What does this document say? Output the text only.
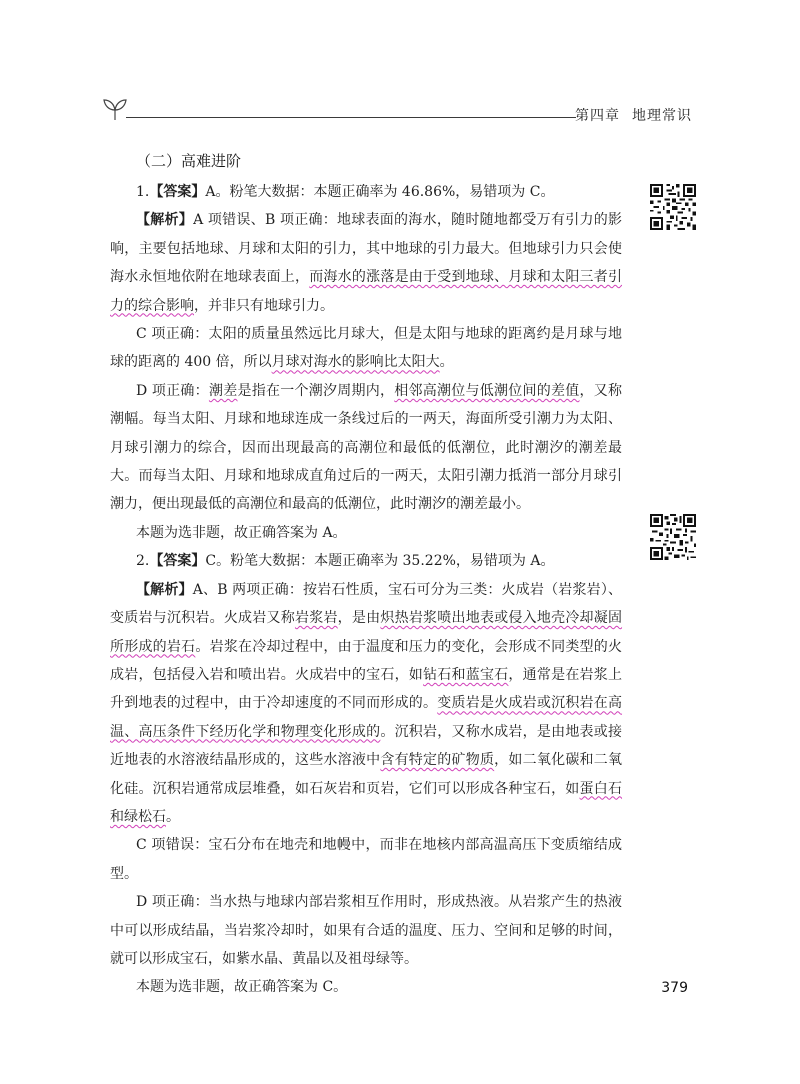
第四章 地理常识
（二）高难进阶

1.【答案】A。粉笔大数据：本题正确率为 46.86%，易错项为 C。

【解析】A 项错误、B 项正确：地球表面的海水，随时随地都受万有引力的影响，主要包括地球、月球和太阳的引力，其中地球的引力最大。但地球引力只会使海水永恒地依附在地球表面上，而海水的涨落是由于受到地球、月球和太阳三者引力的综合影响，并非只有地球引力。

C 项正确：太阳的质量虽然远比月球大，但是太阳与地球的距离约是月球与地球的距离的 400 倍，所以月球对海水的影响比太阳大。

D 项正确：潮差是指在一个潮汐周期内，相邻高潮位与低潮位间的差值，又称潮幅。每当太阳、月球和地球连成一条线过后的一两天，海面所受引潮力为太阳、月球引潮力的综合，因而出现最高的高潮位和最低的低潮位，此时潮汐的潮差最大。而每当太阳、月球和地球成直角过后的一两天，太阳引潮力抵消一部分月球引潮力，便出现最低的高潮位和最高的低潮位，此时潮汐的潮差最小。

本题为选非题，故正确答案为 A。

2.【答案】C。粉笔大数据：本题正确率为 35.22%，易错项为 A。

【解析】A、B 两项正确：按岩石性质，宝石可分为三类：火成岩（岩浆岩）、变质岩与沉积岩。火成岩又称岩浆岩，是由炽热岩浆喷出地表或侵入地壳冷却凝固所形成的岩石。岩浆在冷却过程中，由于温度和压力的变化，会形成不同类型的火成岩，包括侵入岩和喷出岩。火成岩中的宝石，如钻石和蓝宝石，通常是在岩浆上升到地表的过程中，由于冷却速度的不同而形成的。变质岩是火成岩或沉积岩在高温、高压条件下经历化学和物理变化形成的。沉积岩，又称水成岩，是由地表或接近地表的水溶液结晶形成的，这些水溶液中含有特定的矿物质，如二氧化碳和二氧化硅。沉积岩通常成层堆叠，如石灰岩和页岩，它们可以形成各种宝石，如蛋白石和绿松石。

C 项错误：宝石分布在地壳和地幔中，而非在地核内部高温高压下变质缩结成型。

D 项正确：当水热与地球内部岩浆相互作用时，形成热液。从岩浆产生的热液中可以形成结晶，当岩浆冷却时，如果有合适的温度、压力、空间和足够的时间，就可以形成宝石，如紫水晶、黄晶以及祖母绿等。

本题为选非题，故正确答案为 C。	379
